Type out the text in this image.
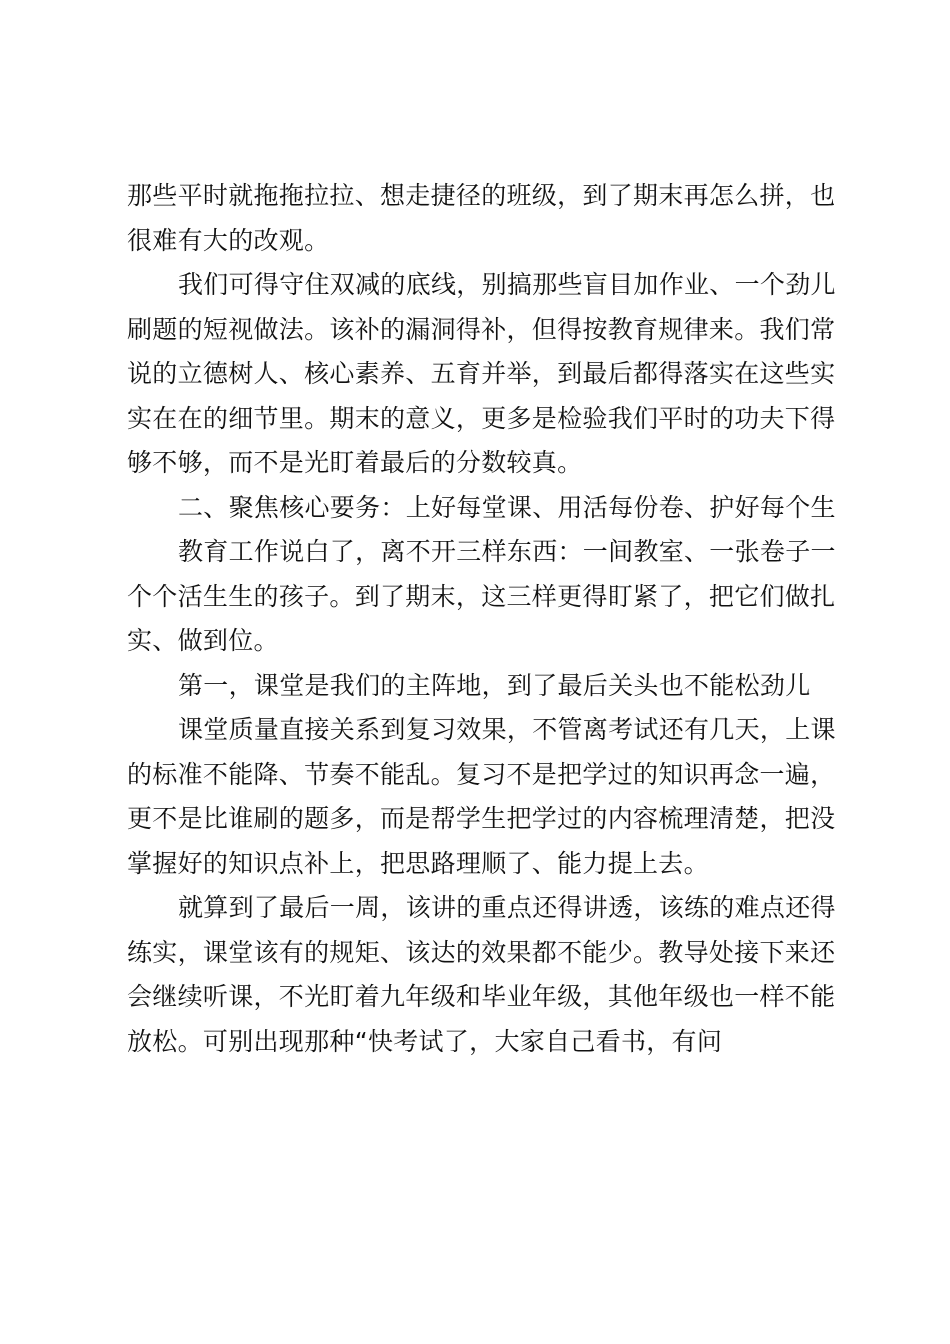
那些平时就拖拖拉拉、想走捷径的班级，到了期末再怎么拼，也很难有大的改观。

我们可得守住双减的底线，别搞那些盲目加作业、一个劲儿刷题的短视做法。该补的漏洞得补，但得按教育规律来。我们常说的立德树人、核心素养、五育并举，到最后都得落实在这些实实在在的细节里。期末的意义，更多是检验我们平时的功夫下得够不够，而不是光盯着最后的分数较真。

二、聚焦核心要务：上好每堂课、用活每份卷、护好每个生

教育工作说白了，离不开三样东西：一间教室、一张卷子一个个活生生的孩子。到了期末，这三样更得盯紧了，把它们做扎实、做到位。

第一，课堂是我们的主阵地，到了最后关头也不能松劲儿

课堂质量直接关系到复习效果，不管离考试还有几天，上课的标准不能降、节奏不能乱。复习不是把学过的知识再念一遍，更不是比谁刷的题多，而是帮学生把学过的内容梳理清楚，把没掌握好的知识点补上，把思路理顺了、能力提上去。

就算到了最后一周，该讲的重点还得讲透，该练的难点还得练实，课堂该有的规矩、该达的效果都不能少。教导处接下来还会继续听课，不光盯着九年级和毕业年级，其他年级也一样不能放松。可别出现那种“快考试了，大家自己看书，有问
